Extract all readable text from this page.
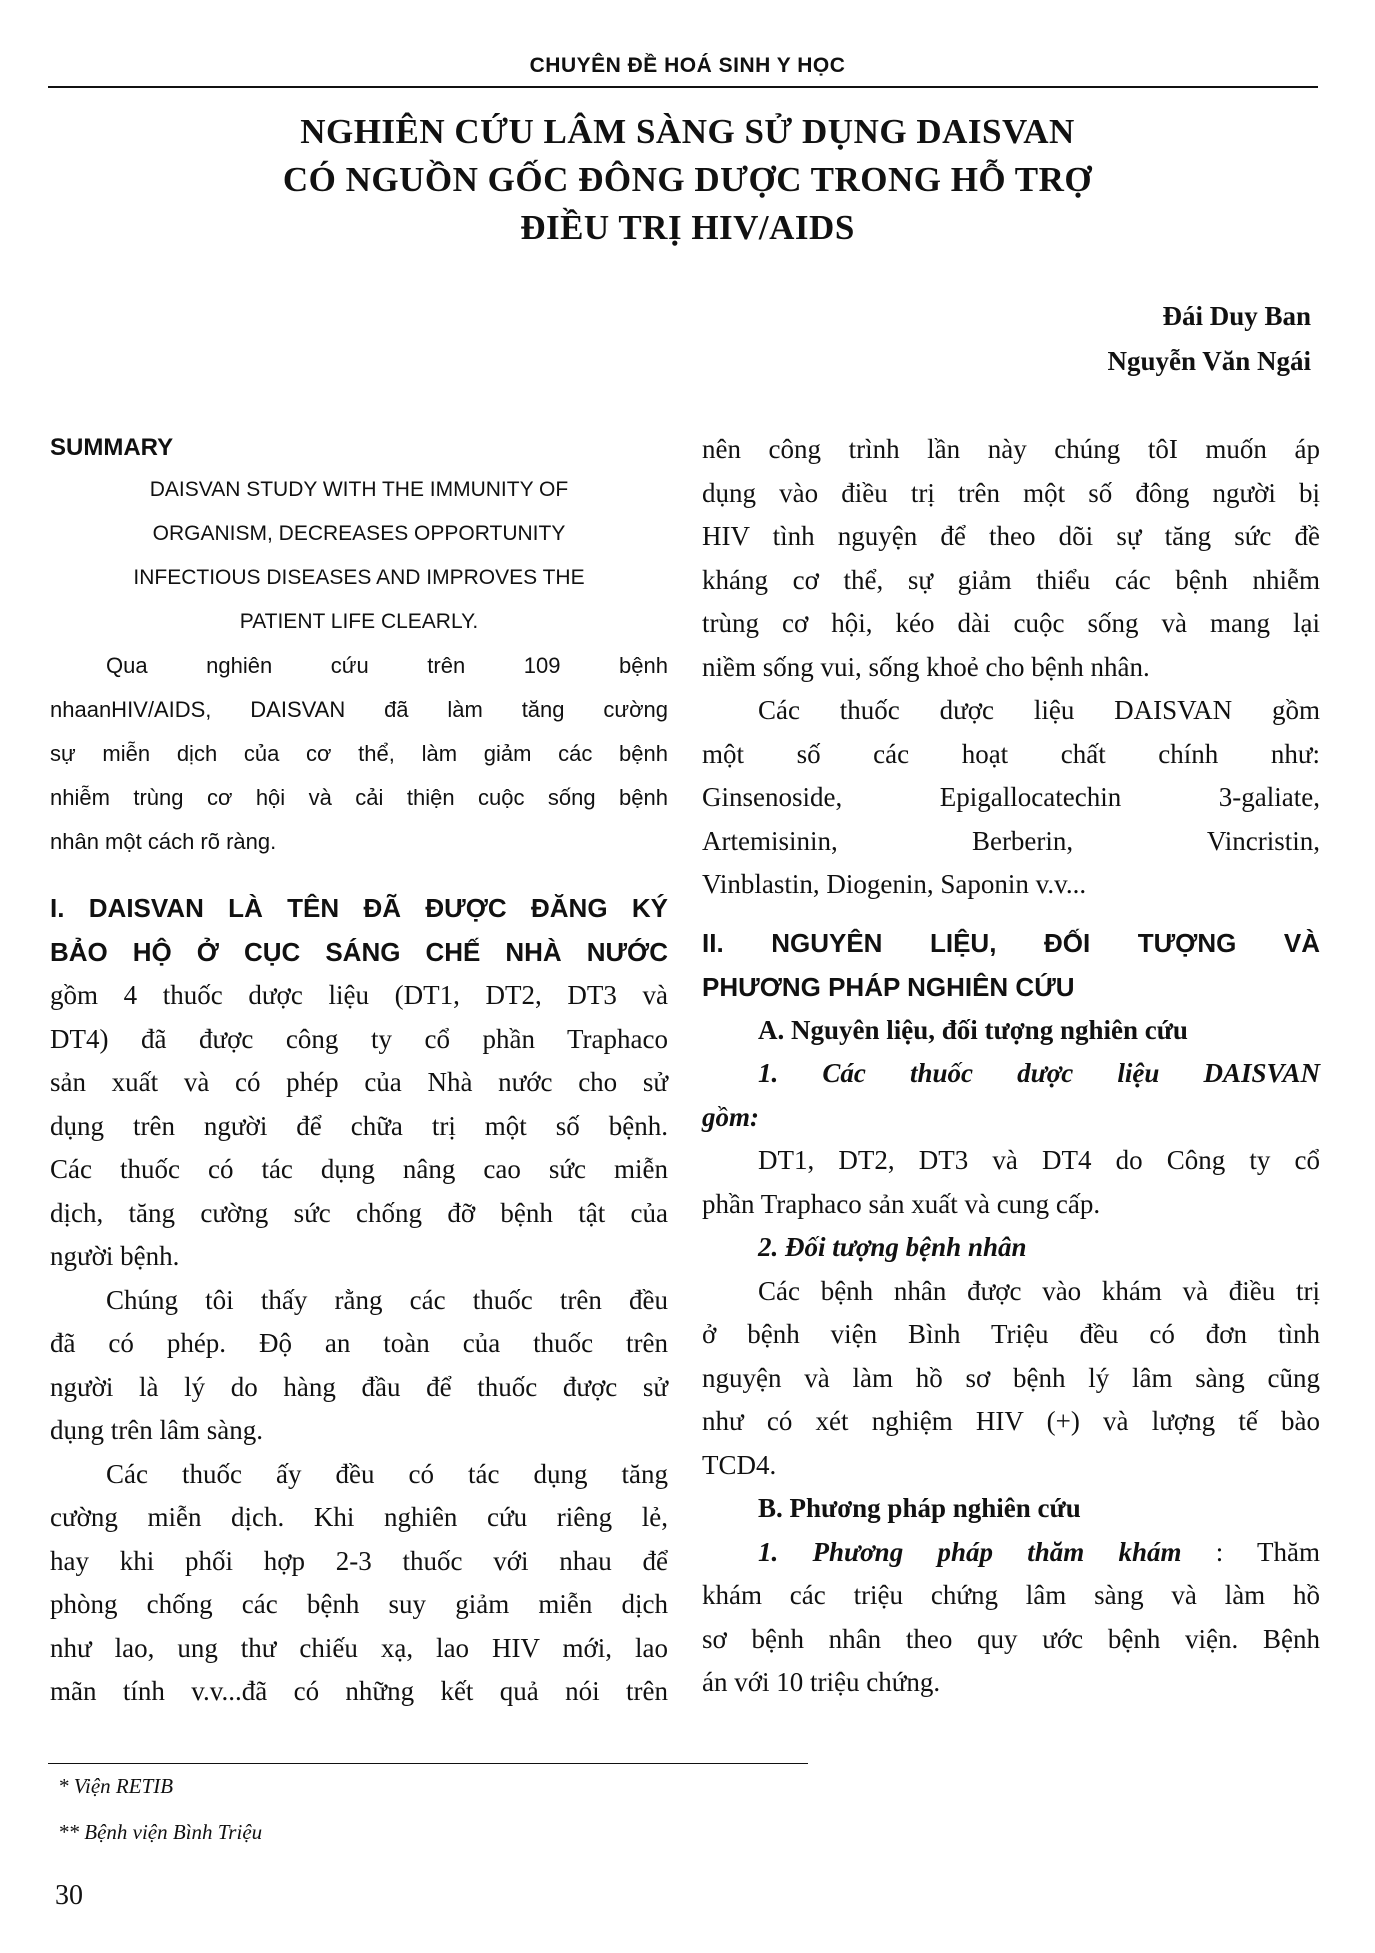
CHUYÊN ĐỀ HOÁ SINH Y HỌC
NGHIÊN CỨU LÂM SÀNG SỬ DỤNG DAISVAN
CÓ NGUỒN GỐC ĐÔNG DƯỢC TRONG HỖ TRỢ
ĐIỀU TRỊ HIV/AIDS
Đái Duy Ban
Nguyễn Văn Ngái
SUMMARY
DAISVAN STUDY WITH THE IMMUNITY OF
ORGANISM, DECREASES OPPORTUNITY
INFECTIOUS DISEASES AND IMPROVES THE
PATIENT LIFE CLEARLY.
Qua nghiên cứu trên 109 bệnh
nhaanHIV/AIDS, DAISVAN đã làm tăng cường
sự miễn dịch của cơ thể, làm giảm các bệnh
nhiễm trùng cơ hội và cải thiện cuộc sống bệnh
nhân một cách rõ ràng.
I. DAISVAN LÀ TÊN ĐÃ ĐƯỢC ĐĂNG KÝ
BẢO HỘ Ở CỤC SÁNG CHẾ NHÀ NƯỚC

gồm 4 thuốc dược liệu (DT1, DT2, DT3 và

DT4) đã được công ty cổ phần Traphaco

sản xuất và có phép của Nhà nước cho sử

dụng trên người để chữa trị một số bệnh.

Các thuốc có tác dụng nâng cao sức miễn

dịch, tăng cường sức chống đỡ bệnh tật của

người bệnh.

Chúng tôi thấy rằng các thuốc trên đều

đã có phép. Độ an toàn của thuốc trên

người là lý do hàng đầu để thuốc được sử

dụng trên lâm sàng.

Các thuốc ấy đều có tác dụng tăng

cường miễn dịch. Khi nghiên cứu riêng lẻ,

hay khi phối hợp 2-3 thuốc với nhau để

phòng chống các bệnh suy giảm miễn dịch

như lao, ung thư chiếu xạ, lao HIV mới, lao

mãn tính v.v...đã có những kết quả nói trên

nên công trình lần này chúng tôI muốn áp

dụng vào điều trị trên một số đông người bị

HIV tình nguyện để theo dõi sự tăng sức đề

kháng cơ thể, sự giảm thiểu các bệnh nhiễm

trùng cơ hội, kéo dài cuộc sống và mang lại

niềm sống vui, sống khoẻ cho bệnh nhân.

Các thuốc dược liệu DAISVAN gồm

một số các hoạt chất chính như:

Ginsenoside, Epigallocatechin 3-galiate,

Artemisinin, Berberin, Vincristin,

Vinblastin, Diogenin, Saponin v.v...

II. NGUYÊN LIỆU, ĐỐI TƯỢNG VÀ
PHƯƠNG PHÁP NGHIÊN CỨU
A. Nguyên liệu, đối tượng nghiên cứu
1. Các thuốc dược liệu DAISVAN
gồm:

DT1, DT2, DT3 và DT4 do Công ty cổ

phần Traphaco sản xuất và cung cấp.

2. Đối tượng bệnh nhân

Các bệnh nhân được vào khám và điều trị

ở bệnh viện Bình Triệu đều có đơn tình

nguyện và làm hồ sơ bệnh lý lâm sàng cũng

như có xét nghiệm HIV (+) và lượng tế bào

TCD4.

B. Phương pháp nghiên cứu

1. Phương pháp thăm khám : Thăm

khám các triệu chứng lâm sàng và làm hồ

sơ bệnh nhân theo quy ước bệnh viện. Bệnh

án với 10 triệu chứng.

* Viện RETIB
** Bệnh viện Bình Triệu
30
